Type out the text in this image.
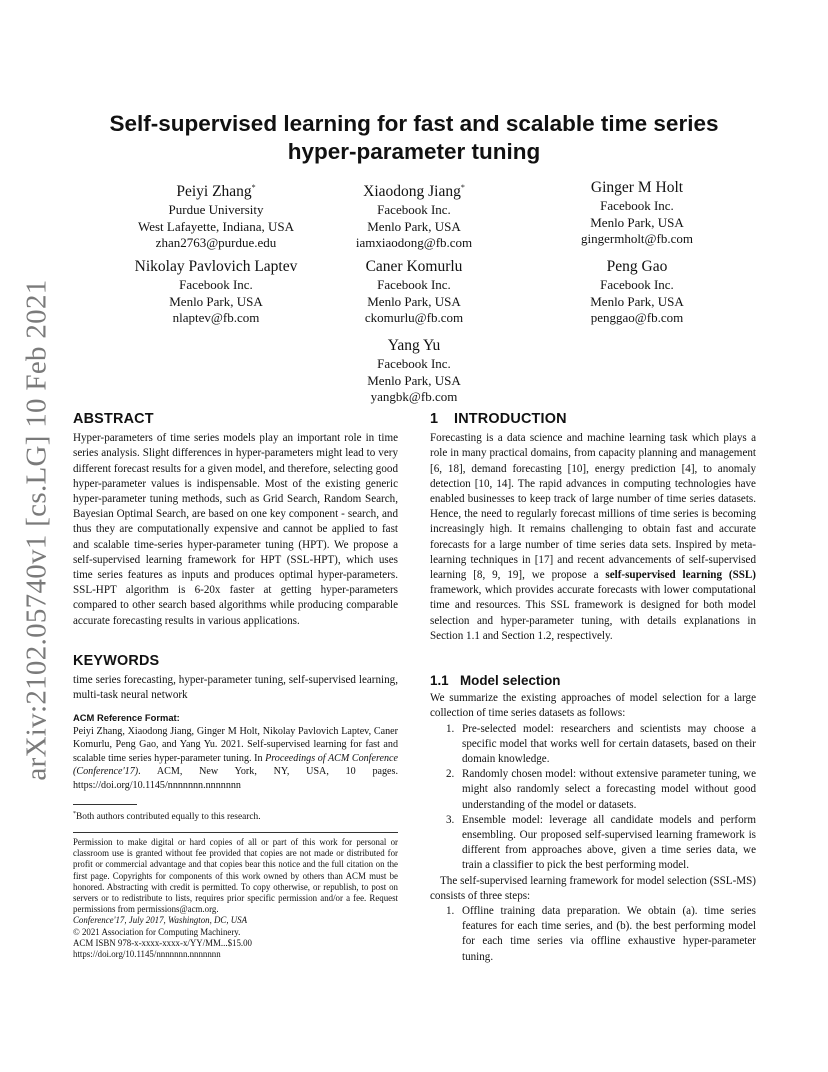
arXiv:2102.05740v1 [cs.LG] 10 Feb 2021
Self-supervised learning for fast and scalable time series
hyper-parameter tuning
Peiyi Zhang*
Purdue University
West Lafayette, Indiana, USA
zhan2763@purdue.edu
Xiaodong Jiang*
Facebook Inc.
Menlo Park, USA
iamxiaodong@fb.com
Ginger M Holt
Facebook Inc.
Menlo Park, USA
gingermholt@fb.com
Nikolay Pavlovich Laptev
Facebook Inc.
Menlo Park, USA
nlaptev@fb.com
Caner Komurlu
Facebook Inc.
Menlo Park, USA
ckomurlu@fb.com
Peng Gao
Facebook Inc.
Menlo Park, USA
penggao@fb.com
Yang Yu
Facebook Inc.
Menlo Park, USA
yangbk@fb.com
ABSTRACT

Hyper-parameters of time series models play an important role in time series analysis. Slight differences in hyper-parameters might lead to very different forecast results for a given model, and therefore, selecting good hyper-parameter values is indispensable. Most of the existing generic hyper-parameter tuning methods, such as Grid Search, Random Search, Bayesian Optimal Search, are based on one key component - search, and thus they are computationally expensive and cannot be applied to fast and scalable time-series hyper-parameter tuning (HPT). We propose a self-supervised learning framework for HPT (SSL-HPT), which uses time series features as inputs and produces optimal hyper-parameters. SSL-HPT algorithm is 6-20x faster at getting hyper-parameters compared to other search based algorithms while producing comparable accurate forecasting results in various applications.

KEYWORDS

time series forecasting, hyper-parameter tuning, self-supervised learning, multi-task neural network

ACM Reference Format:

Peiyi Zhang, Xiaodong Jiang, Ginger M Holt, Nikolay Pavlovich Laptev, Caner Komurlu, Peng Gao, and Yang Yu. 2021. Self-supervised learning for fast and scalable time series hyper-parameter tuning. In Proceedings of ACM Conference (Conference'17). ACM, New York, NY, USA, 10 pages. https://doi.org/10.1145/nnnnnnn.nnnnnnn

*Both authors contributed equally to this research.

Permission to make digital or hard copies of all or part of this work for personal or classroom use is granted without fee provided that copies are not made or distributed for profit or commercial advantage and that copies bear this notice and the full citation on the first page. Copyrights for components of this work owned by others than ACM must be honored. Abstracting with credit is permitted. To copy otherwise, or republish, to post on servers or to redistribute to lists, requires prior specific permission and/or a fee. Request permissions from permissions@acm.org.

Conference'17, July 2017, Washington, DC, USA

© 2021 Association for Computing Machinery.

ACM ISBN 978-x-xxxx-xxxx-x/YY/MM...$15.00

https://doi.org/10.1145/nnnnnnn.nnnnnnn

1 INTRODUCTION

Forecasting is a data science and machine learning task which plays a role in many practical domains, from capacity planning and management [6, 18], demand forecasting [10], energy prediction [4], to anomaly detection [10, 14]. The rapid advances in computing technologies have enabled businesses to keep track of large number of time series datasets. Hence, the need to regularly forecast millions of time series is becoming increasingly high. It remains challenging to obtain fast and accurate forecasts for a large number of time series data sets. Inspired by meta-learning techniques in [17] and recent advancements of self-supervised learning [8, 9, 19], we propose a self-supervised learning (SSL) framework, which provides accurate forecasts with lower computational time and resources. This SSL framework is designed for both model selection and hyper-parameter tuning, with details explanations in Section 1.1 and Section 1.2, respectively.

1.1 Model selection

We summarize the existing approaches of model selection for a large collection of time series datasets as follows:

1. Pre-selected model: researchers and scientists may choose a specific model that works well for certain datasets, based on their domain knowledge.
2. Randomly chosen model: without extensive parameter tuning, we might also randomly select a forecasting model without good understanding of the model or datasets.
3. Ensemble model: leverage all candidate models and perform ensembling. Our proposed self-supervised learning framework is different from approaches above, given a time series data, we train a classifier to pick the best performing model.

The self-supervised learning framework for model selection (SSL-MS) consists of three steps:

1. Offline training data preparation. We obtain (a). time series features for each time series, and (b). the best performing model for each time series via offline exhaustive hyper-parameter tuning.
